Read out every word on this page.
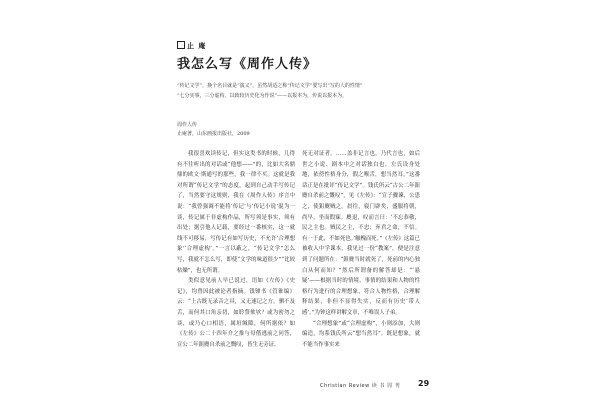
止 庵
我怎么写《周作人传》
“传记文学”，换个名目就是“演义”，虽然胡适之称“传记文学”要写出“写的人的性情”
“七分实事，三分虚构，以致较历史化为作说”——以报本为，传说以报本为，
周作人传
止庵著，山东画报出版社，2009

我很喜欢读传记，但实这类书的时候，几得有不往听出的对话或“他想——”的，比如大名鼎鼎的欧文·斯通写的那些，我一律不买。这就是我对所谓“传记文学”的态度，起到自己动手写传记了，当然要守这规则，我在《周作人传》序言中说：“我曾强调不能将‘传记’与‘传记小说’混为一谈，传记属于非虚构作品，所写须是事实，须有出处；据引他人记载，要经过一番核实，这一就线不可移易，写传记有如写历史，不允许‘合理想象’‘合理虚构’。”一言以蔽之，“传记文学”怎么写，我就不怎么写，即使“文学的味道很少”“比较枯燥”，也无所谓。

类似意见前人早已说过，语如《左传》《史记》，均曾因此被论者指摘。钱锺书《管锥编》云：“上古既无录音之具，又无速记之方，驷不及舌，而何其口角亲切，如聆謦欬欤？或为密勿之谈，或乃心口相语，属垣缄隙，何所据依？如《左传》公二十四年介之推与母偕逃前之问答，宣公二年鉏麑自杀前之慨叹，皆生无旁证、

死无对证者。……盖非记言也，乃代言也，如后世之小说、剧本中之对话独白也，左氏设身处地，依傍性格身分，假之喉舌，想当然耳。”这番话正是在批评“传记文学”。钱氏所云“古公二年鉏麑自杀前之慨叹”，见《左传》：“宣子骤谏，公患之，使鉏麑贼之。晨往，寝门辟矣，盛服将朝，尚早，坐而假寐。麑退，叹而言曰：‘不忘恭敬，民之主也。贼民之主，不忠；弃君之命，不信。有一于此，不如死也。’触槐而死。”《左传》这篇已被收入中学课本，我见过一份“教案”，便是注意到了问题所在：“鉏麑当时就死了，死前的内心独白从何而知？”然后所谓备的解答却是：“‘悬疑’——根据当时的情境、事情的结果和人物的性格行为进行的合理想象，符合人物性格，合理解释结果，非但不显得失实，反而有历史‘带人感’。”为钟这样讲解文章，不唯误人子弟。

“合理想象”或“合理虚构”，小则添加，大则编造，均系钱氏所云“想当然耳”。既是想象，就不能当作事实来

Christian Review 读 书 周 刊 29
